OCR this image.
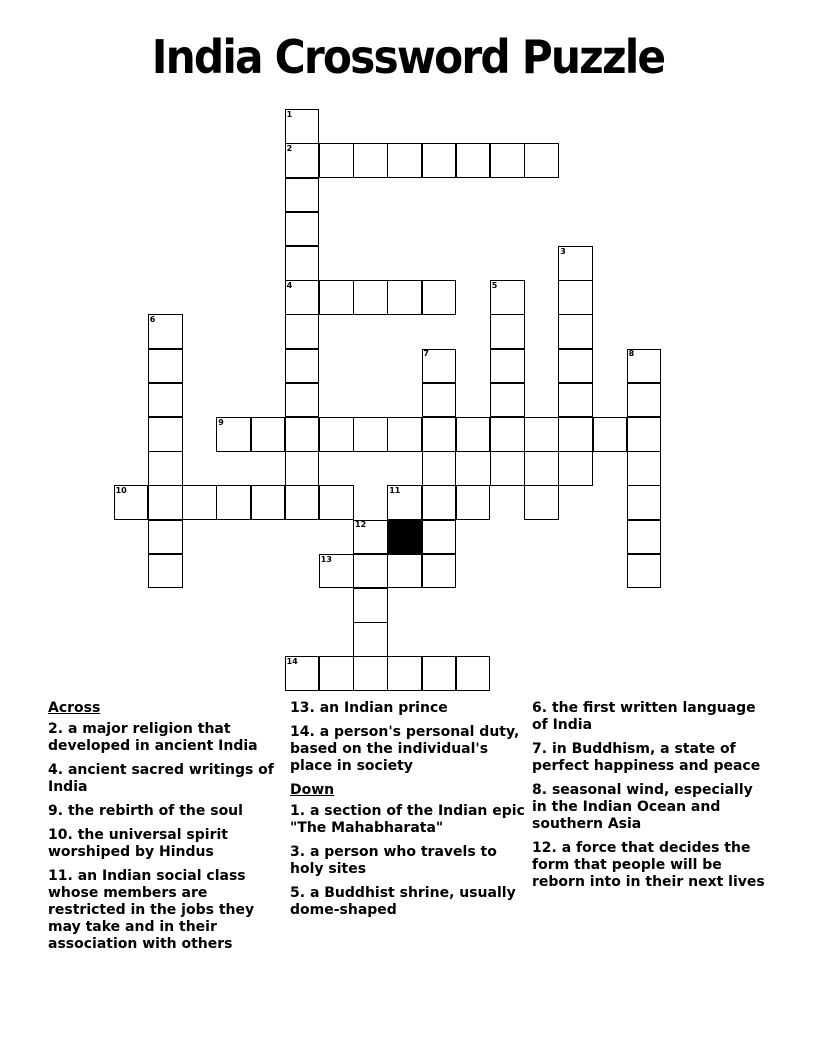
India Crossword Puzzle
1
2
3
4	5
6
7	8
9
10	11
12
13
14
Across
2. a major religion that developed in ancient India
4. ancient sacred writings of India
9. the rebirth of the soul
10. the universal spirit worshiped by Hindus
11. an Indian social class whose members are restricted in the jobs they may take and in their association with others
13. an Indian prince
14. a person's personal duty, based on the individual's place in society
Down
1. a section of the Indian epic "The Mahabharata"
3. a person who travels to holy sites
5. a Buddhist shrine, usually dome-shaped
6. the first written language of India
7. in Buddhism, a state of perfect happiness and peace
8. seasonal wind, especially in the Indian Ocean and southern Asia
12. a force that decides the form that people will be reborn into in their next lives
